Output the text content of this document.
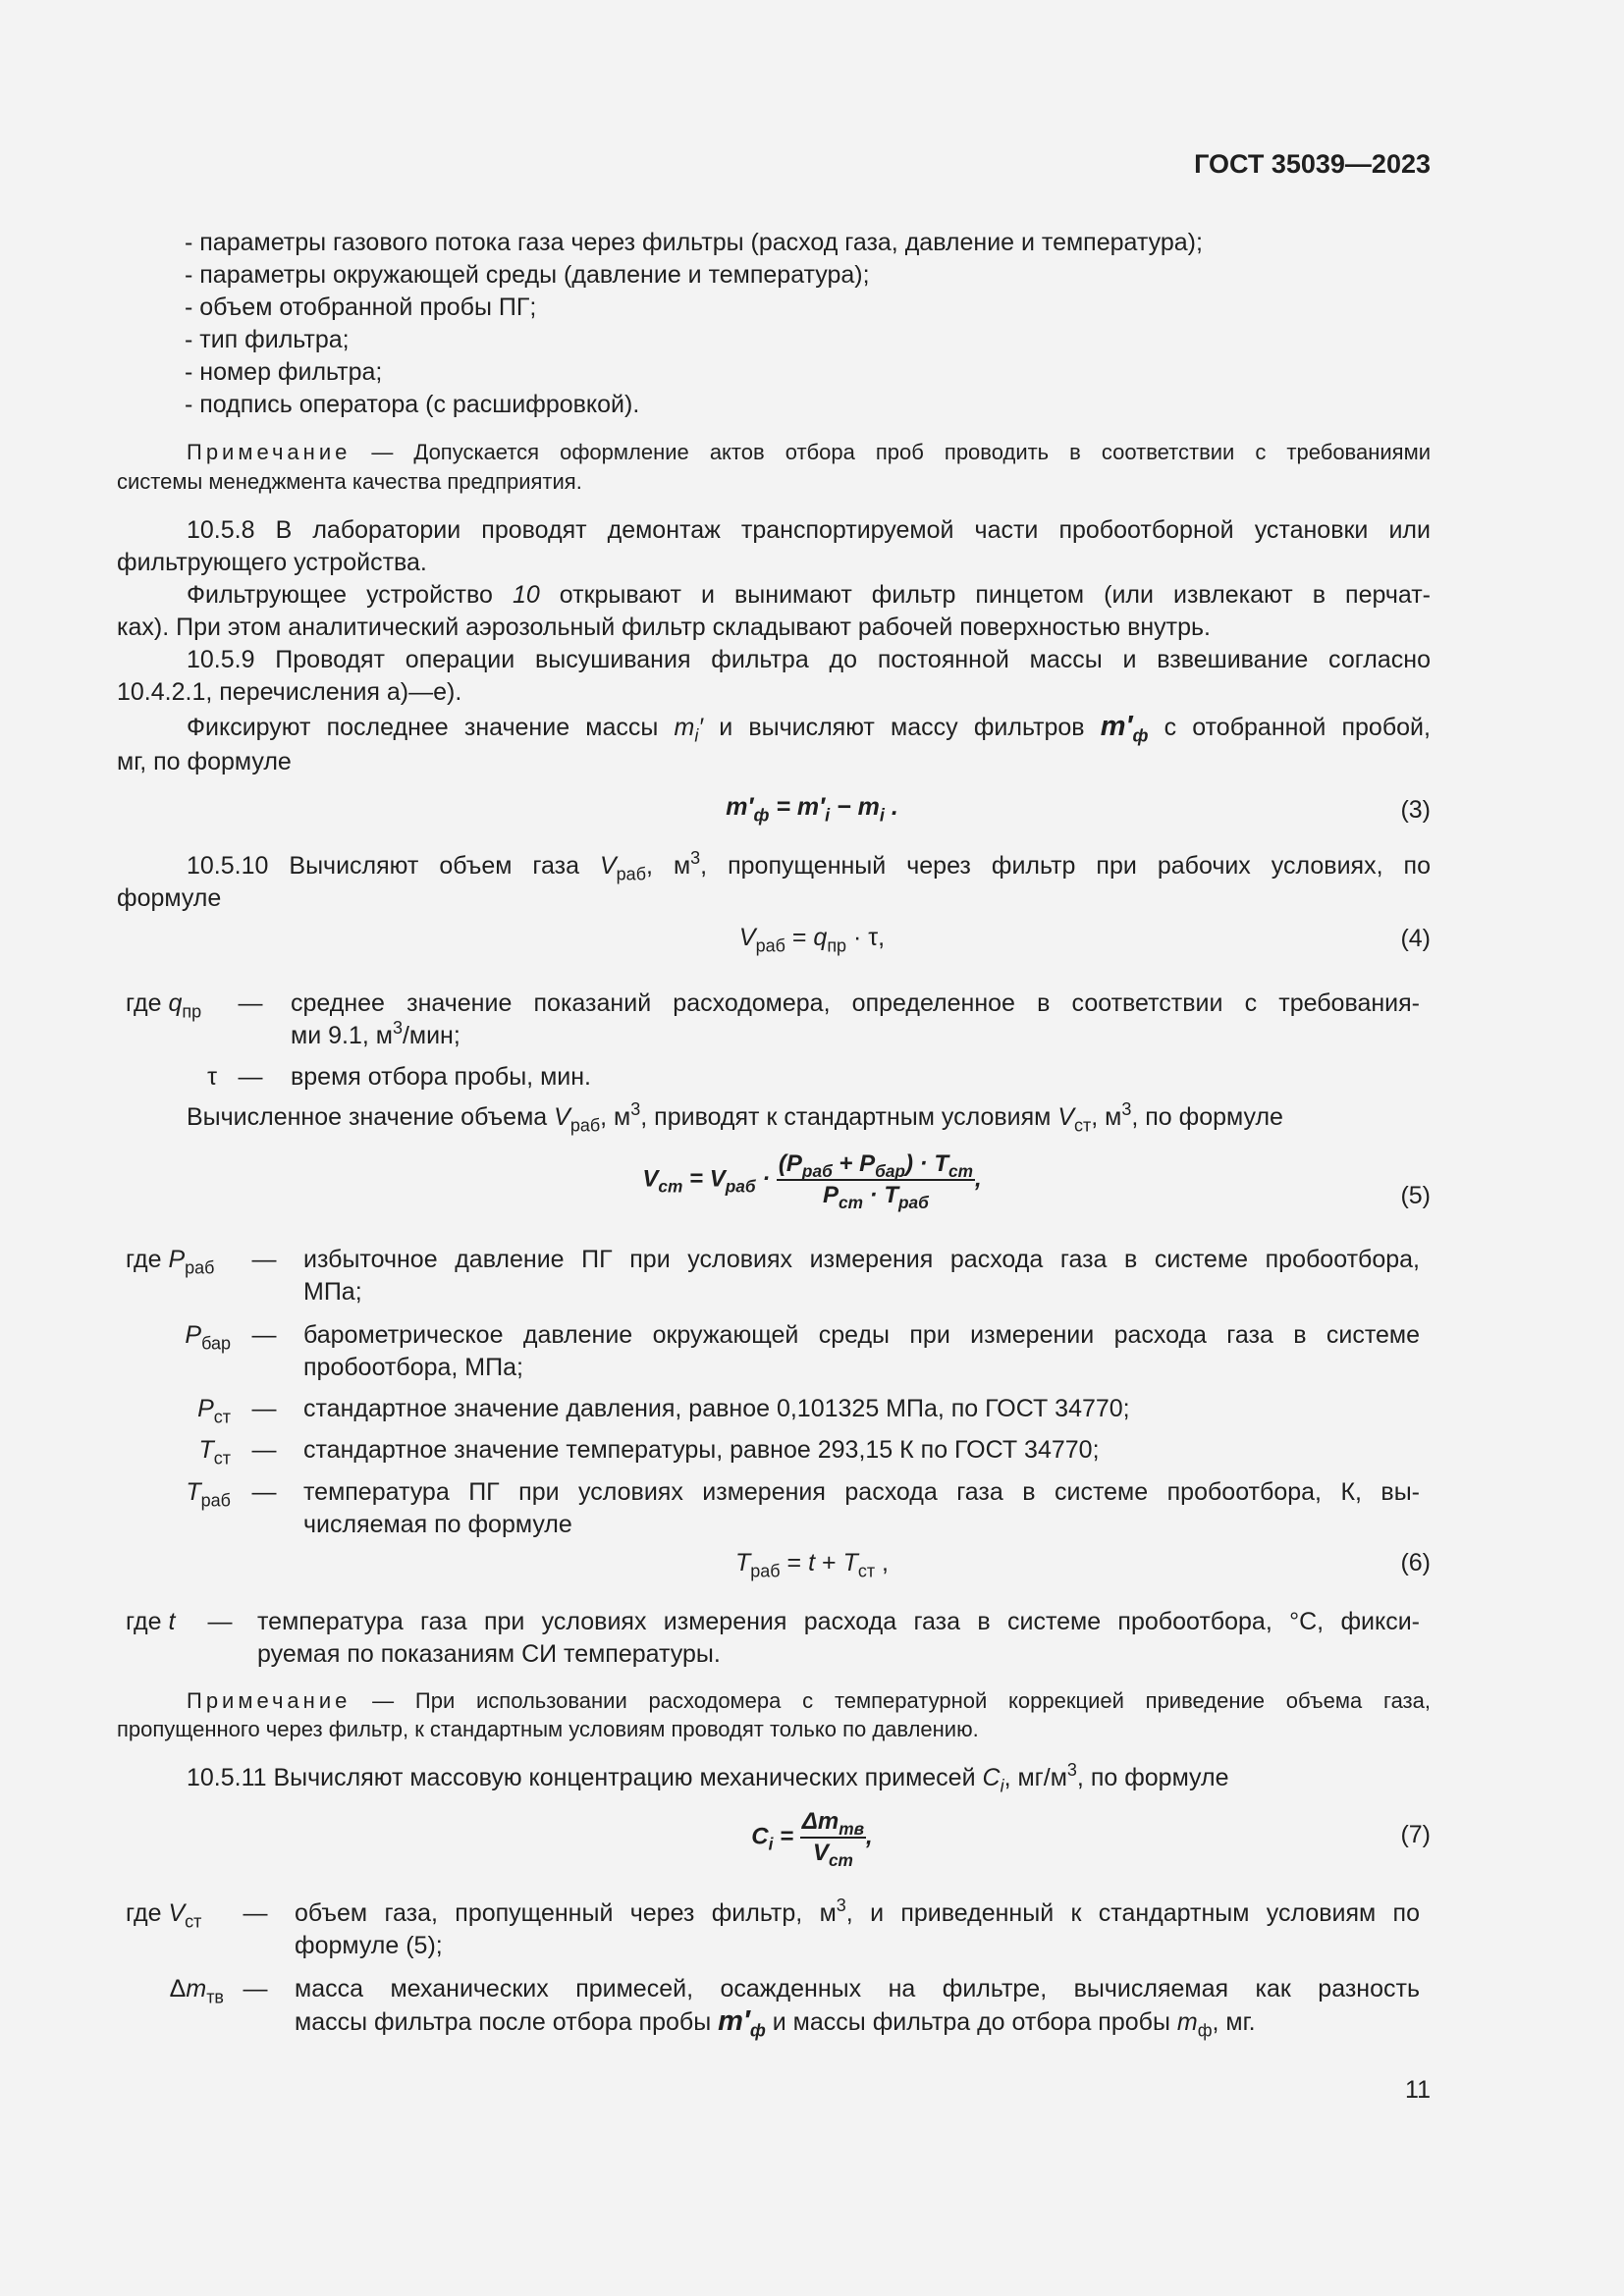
ГОСТ 35039—2023
- параметры газового потока газа через фильтры (расход газа, давление и температура);
- параметры окружающей среды (давление и температура);
- объем отобранной пробы ПГ;
- тип фильтра;
- номер фильтра;
- подпись оператора (с расшифровкой).
Примечание — Допускается оформление актов отбора проб проводить в соответствии с требованиями
системы менеджмента качества предприятия.
10.5.8 В лаборатории проводят демонтаж транспортируемой части пробоотборной установки или
фильтрующего устройства.
Фильтрующее устройство 10 открывают и вынимают фильтр пинцетом (или извлекают в перчат-
ках). При этом аналитический аэрозольный фильтр складывают рабочей поверхностью внутрь.
10.5.9 Проводят операции высушивания фильтра до постоянной массы и взвешивание согласно
10.4.2.1, перечисления а)—е).
Фиксируют последнее значение массы $m_i'$ и вычисляют массу фильтров $m'_ф$ с отобранной пробой,
мг, по формуле
$m'_ф = m'_i - m_i$ .	(3)
10.5.10 Вычисляют объем газа $V_{раб}$, $м^3$, пропущенный через фильтр при рабочих условиях, по
формуле
$V_{раб} = q_{пр} \cdot \tau$,	(4)
где $q_{пр}$	— среднее значение показаний расходомера, определенное в соответствии с требования-
ми 9.1, $м^3$/мин;
τ — время отбора пробы, мин.
Вычисленное значение объема $V_{раб}$, $м^3$, приводят к стандартным условиям $V_{ст}$, $м^3$, по формуле
$V_{ст} = V_{раб} \cdot \frac{(P_{раб} + P_{бар}) \cdot T_{ст}}{P_{ст} \cdot T_{раб}}$ ,
(5)
где $P_{раб}$	— избыточное давление ПГ при условиях измерения расхода газа в системе пробоотбора,
МПа;
$P_{бар}$ — барометрическое давление окружающей среды при измерении расхода газа в системе
пробоотбора, МПа;
$P_{ст}$ — стандартное значение давления, равное 0,101325 МПа, по ГОСТ 34770;
$T_{ст}$ — стандартное значение температуры, равное 293,15 К по ГОСТ 34770;
$T_{раб}$ — температура ПГ при условиях измерения расхода газа в системе пробоотбора, К, вы-
числяемая по формуле
$T_{раб} = t + T_{ст}$ ,	(6)
где t — температура газа при условиях измерения расхода газа в системе пробоотбора, °С, фикси-
руемая по показаниям СИ температуры.
Примечание — При использовании расходомера с температурной коррекцией приведение объема газа,
пропущенного через фильтр, к стандартным условиям проводят только по давлению.
10.5.11 Вычисляют массовую концентрацию механических примесей $C_i$, $мг/м^3$, по формуле
$C_i = \frac{\Delta m_{тв}}{V_{ст}}$ ,	(7)
где $V_{ст}$	— объем газа, пропущенный через фильтр, $м^3$, и приведенный к стандартным условиям по
формуле (5);
$\Delta m_{тв}$ — масса механических примесей, осажденных на фильтре, вычисляемая как разность
массы фильтра после отбора пробы $m'_ф$ и массы фильтра до отбора пробы $m_ф$, мг.
11
